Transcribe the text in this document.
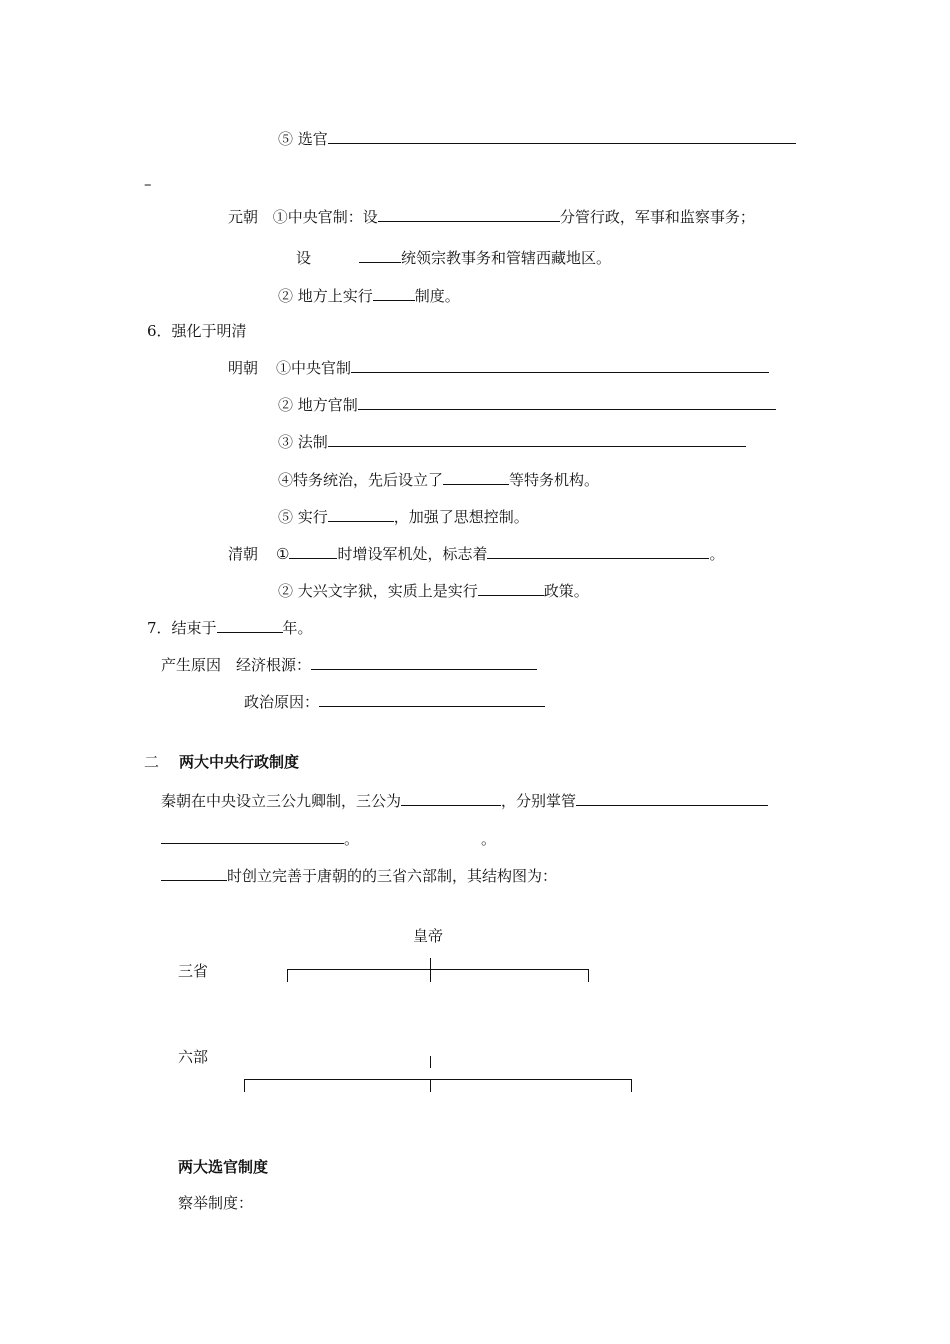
⑤ 选官
–
元朝 ①中央官制：设	分管行政，军事和监察事务；
设	统领宗教事务和管辖西藏地区。
② 地方上实行	制度。
6．强化于明清
明朝 ①中央官制
② 地方官制
③ 法制
④特务统治，先后设立了	等特务机构。
⑤ 实行	，加强了思想控制。
清朝 ①	时增设军机处，标志着	。
② 大兴文字狱，实质上是实行	政策。
7．结束于	年。
产生原因 经济根源：
政治原因：
二 两大中央行政制度
秦朝在中央设立三公九卿制，三公为	，分别掌管
。	。
时创立完善于唐朝的的三省六部制，其结构图为：
皇帝
三省
六部
两大选官制度
察举制度：
